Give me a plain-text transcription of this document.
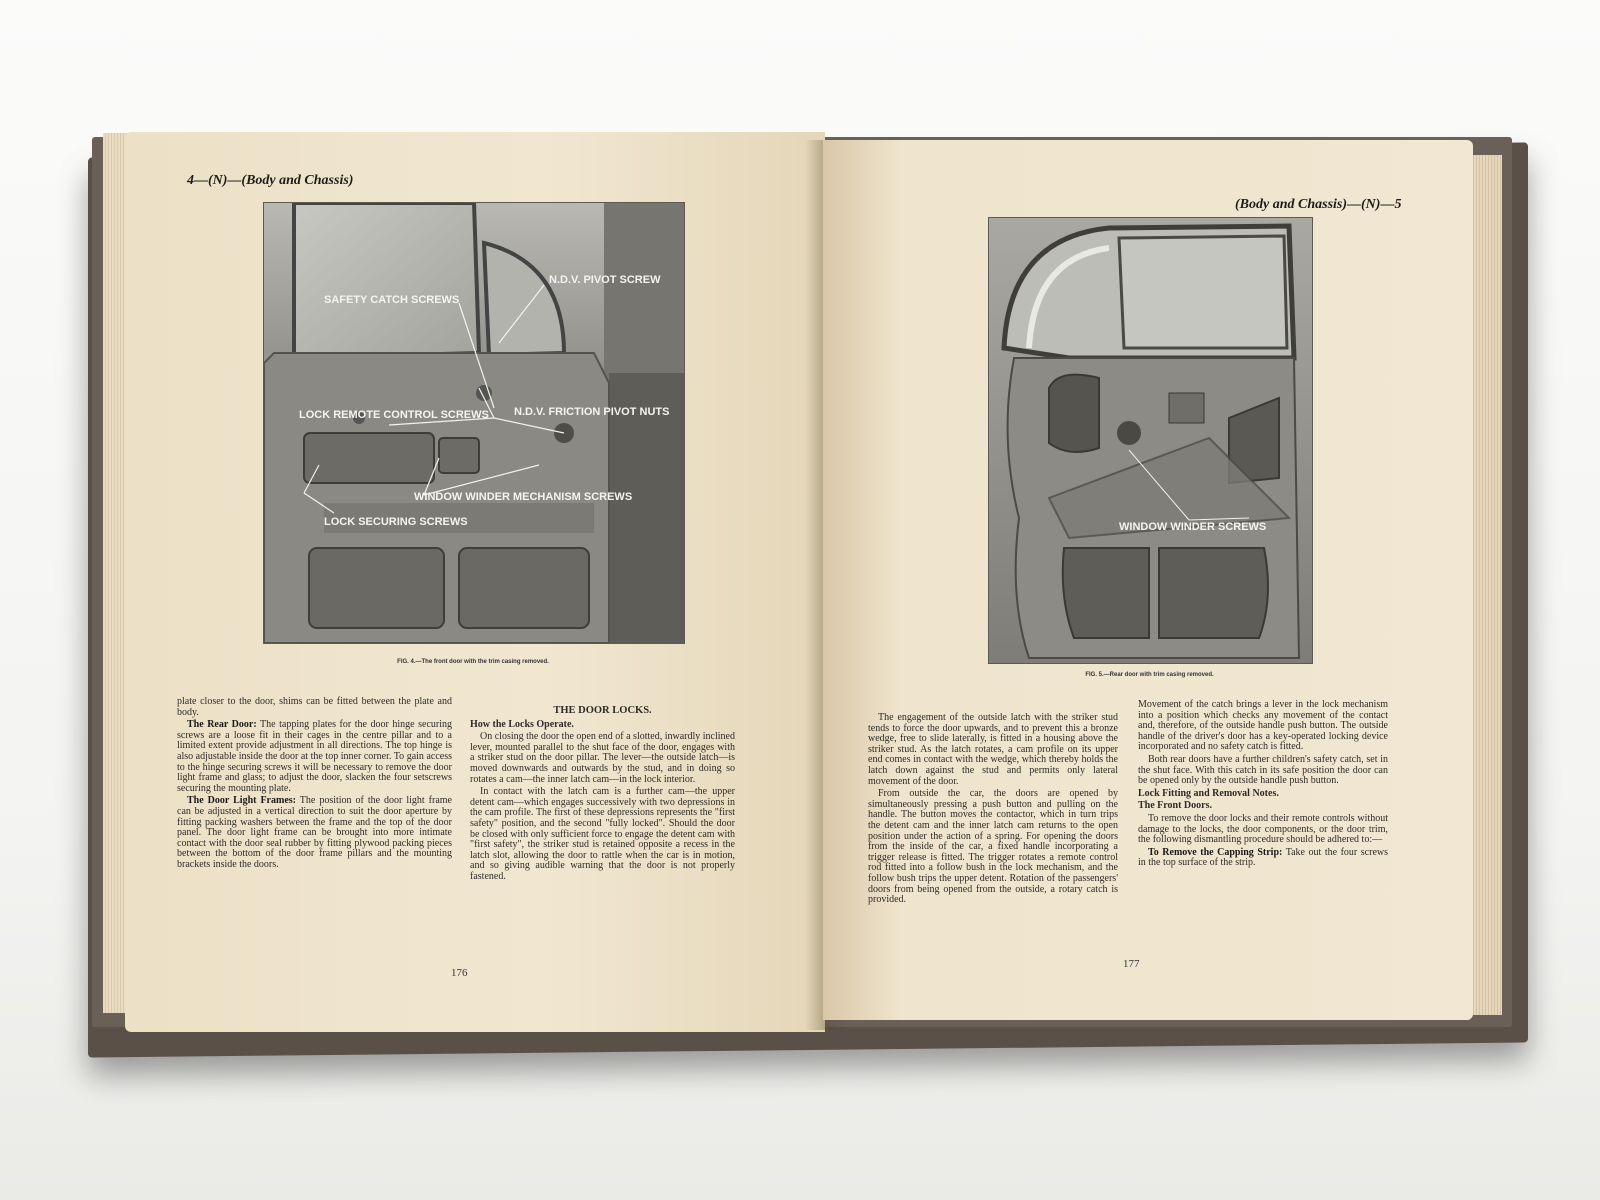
4—(N)—(Body and Chassis)
SAFETY CATCH SCREWS
N.D.V. PIVOT SCREW
LOCK REMOTE CONTROL SCREWS N.D.V. FRICTION PIVOT NUTS
WINDOW WINDER MECHANISM SCREWS
LOCK SECURING SCREWS
FIG. 4.—The front door with the trim casing removed.

plate closer to the door, shims can be fitted between the plate and body.

The Rear Door: The tapping plates for the door hinge securing screws are a loose fit in their cages in the centre pillar and to a limited extent provide adjustment in all directions. The top hinge is also adjustable inside the door at the top inner corner. To gain access to the hinge securing screws it will be necessary to remove the door light frame and glass; to adjust the door, slacken the four setscrews securing the mounting plate.

The Door Light Frames: The position of the door light frame can be adjusted in a vertical direction to suit the door aperture by fitting packing washers between the frame and the top of the door panel. The door light frame can be brought into more intimate contact with the door seal rubber by fitting plywood packing pieces between the bottom of the door frame pillars and the mounting brackets inside the doors.

THE DOOR LOCKS.
How the Locks Operate.

On closing the door the open end of a slotted, inwardly inclined lever, mounted parallel to the shut face of the door, engages with a striker stud on the door pillar. The lever—the outside latch—is moved downwards and outwards by the stud, and in doing so rotates a cam—the inner latch cam—in the lock interior.

In contact with the latch cam is a further cam—the upper detent cam—which engages successively with two depressions in the cam profile. The first of these depressions represents the "first safety" position, and the second "fully locked". Should the door be closed with only sufficient force to engage the detent cam with "first safety", the striker stud is retained opposite a recess in the latch slot, allowing the door to rattle when the car is in motion, and so giving audible warning that the door is not properly fastened.

176
(Body and Chassis)—(N)—5
WINDOW WINDER SCREWS
FIG. 5.—Rear door with trim casing removed.

The engagement of the outside latch with the striker stud tends to force the door upwards, and to prevent this a bronze wedge, free to slide laterally, is fitted in a housing above the striker stud. As the latch rotates, a cam profile on its upper end comes in contact with the wedge, which thereby holds the latch down against the stud and permits only lateral movement of the door.

From outside the car, the doors are opened by simultaneously pressing a push button and pulling on the handle. The button moves the contactor, which in turn trips the detent cam and the inner latch cam returns to the open position under the action of a spring. For opening the doors from the inside of the car, a fixed handle incorporating a trigger release is fitted. The trigger rotates a remote control rod fitted into a follow bush in the lock mechanism, and the follow bush trips the upper detent. Rotation of the passengers' doors from being opened from the outside, a rotary catch is provided.

Movement of the catch brings a lever in the lock mechanism into a position which checks any movement of the contact and, therefore, of the outside handle push button. The outside handle of the driver's door has a key-operated locking device incorporated and no safety catch is fitted.

Both rear doors have a further children's safety catch, set in the shut face. With this catch in its safe position the door can be opened only by the outside handle push button.

Lock Fitting and Removal Notes.
The Front Doors.

To remove the door locks and their remote controls without damage to the locks, the door components, or the door trim, the following dismantling procedure should be adhered to:—

To Remove the Capping Strip: Take out the four screws in the top surface of the strip.

177
